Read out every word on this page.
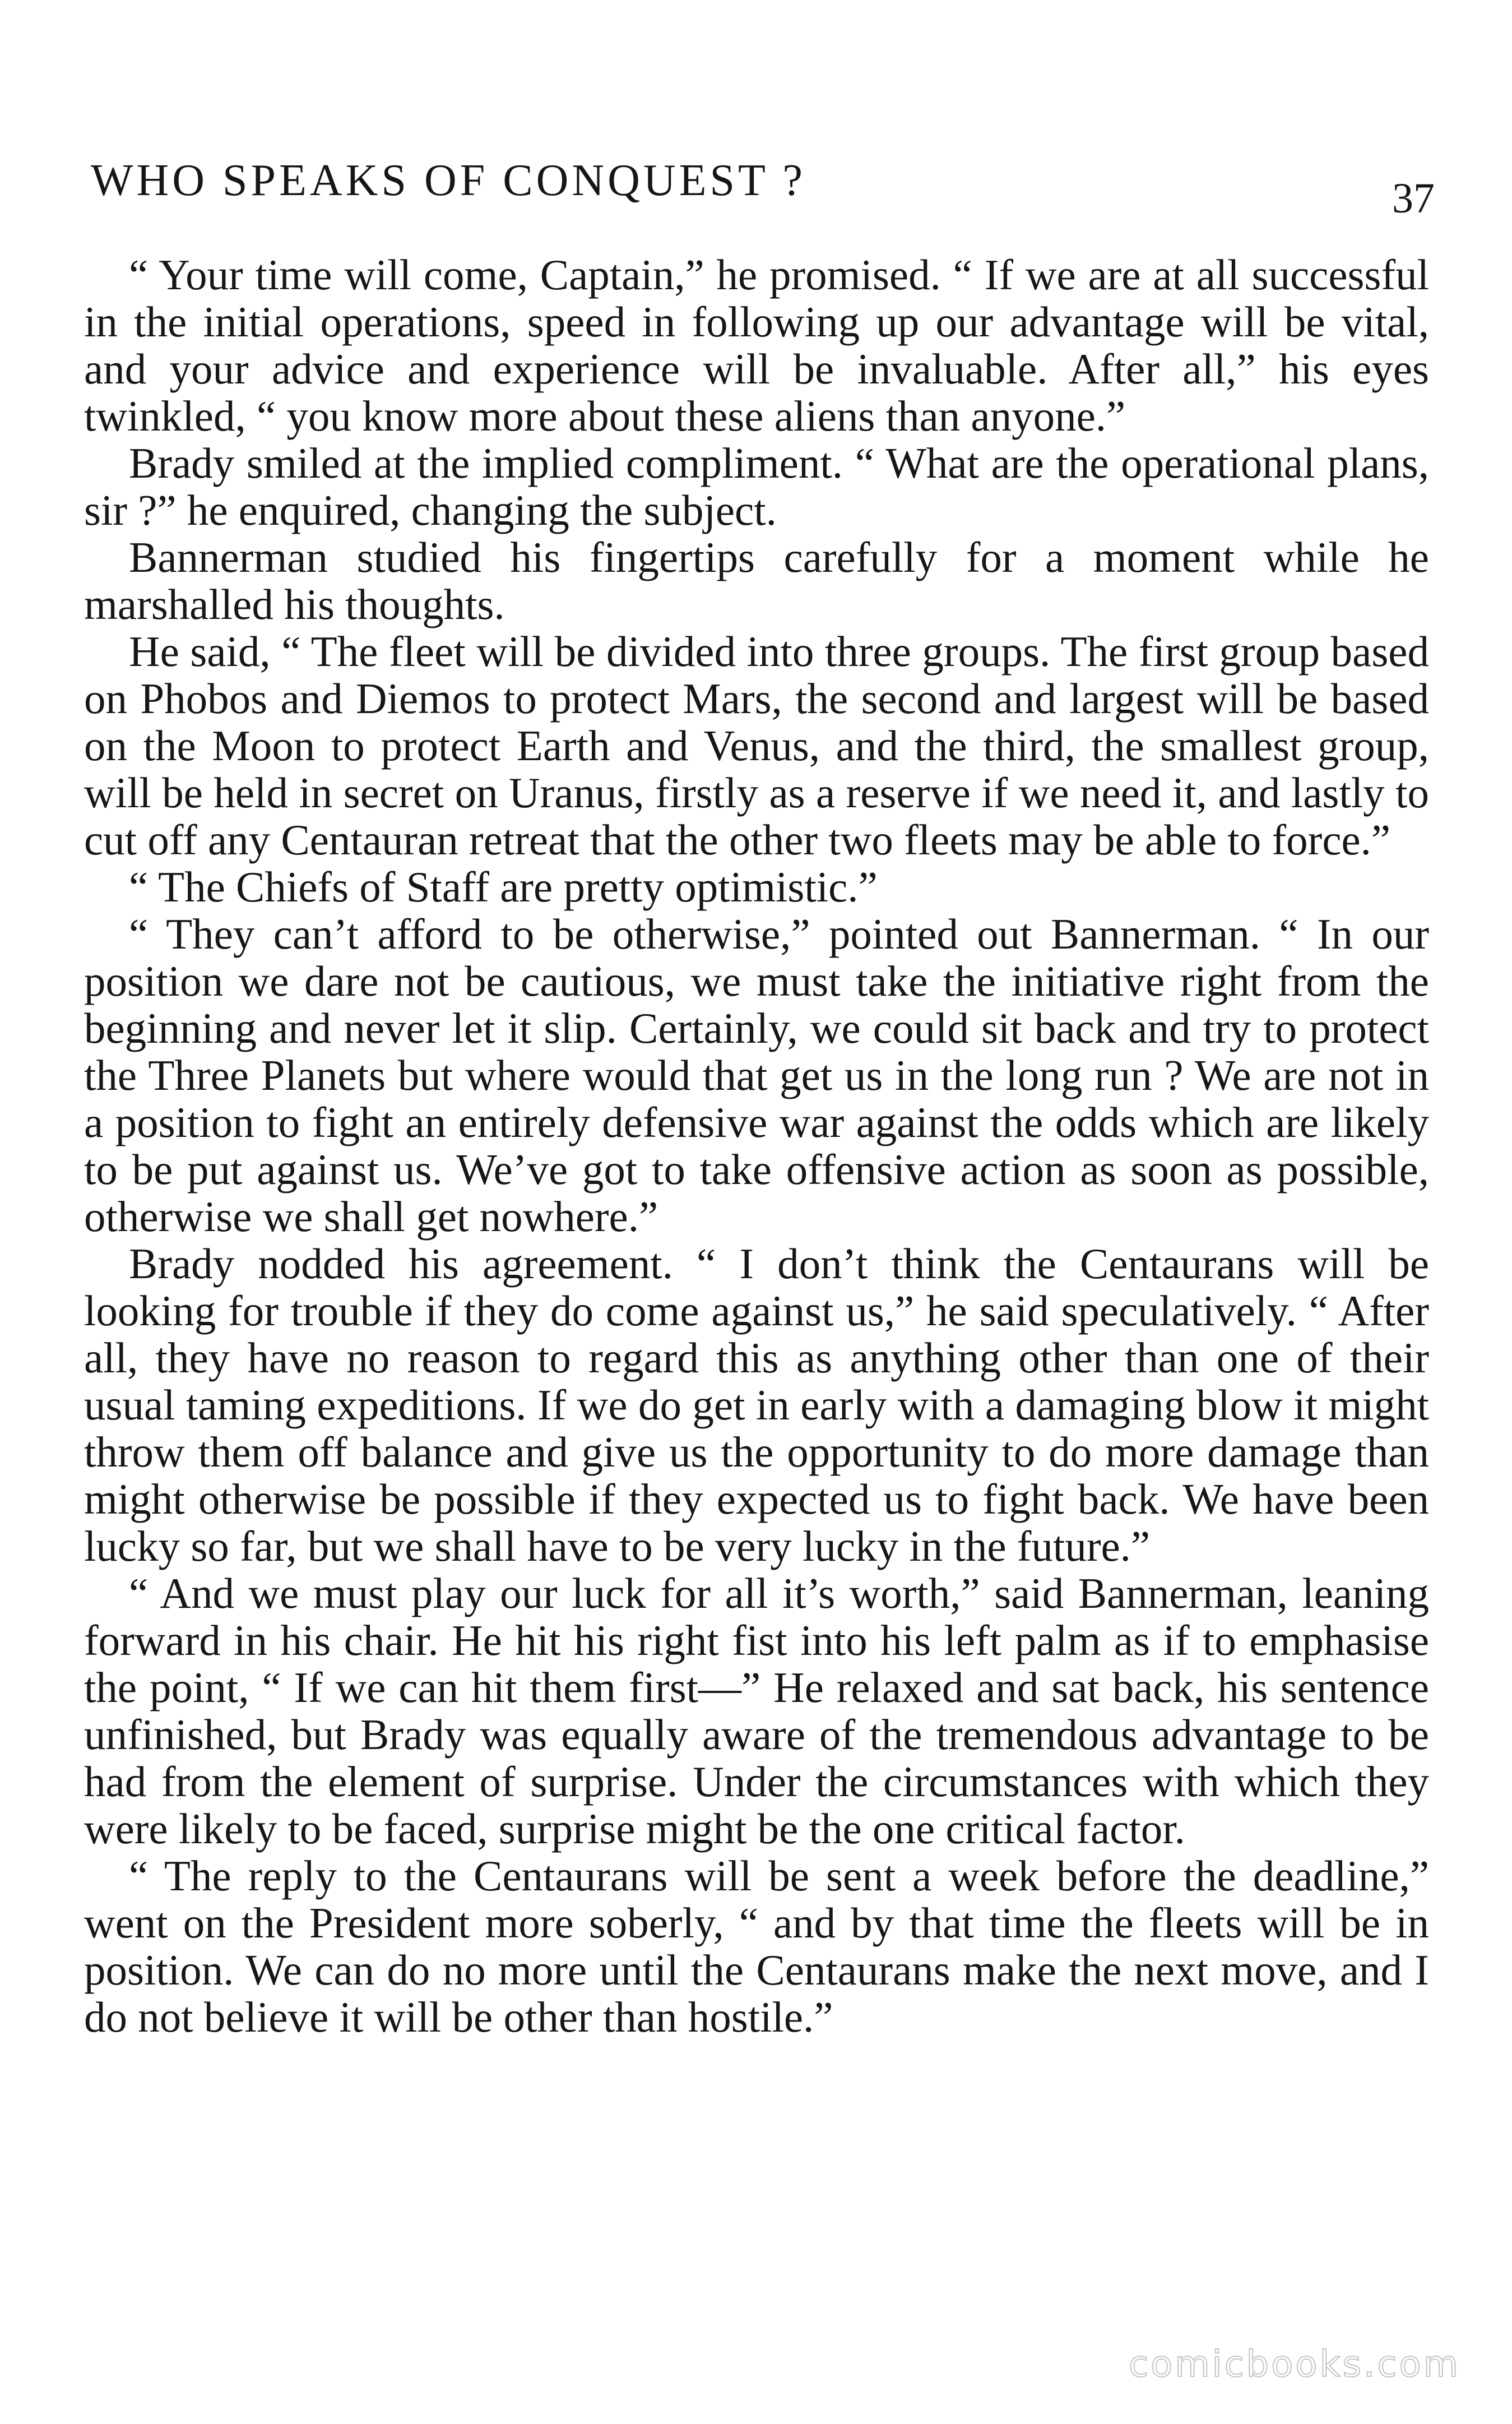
WHO SPEAKS OF CONQUEST ?	37

“ Your time will come, Captain,” he promised. “ If we are at all successful in the initial operations, speed in following up our advantage will be vital, and your advice and experience will be invaluable. After all,” his eyes twinkled, “ you know more about these aliens than anyone.”

Brady smiled at the implied compliment. “ What are the operational plans, sir ?” he enquired, changing the subject.

Bannerman studied his fingertips carefully for a moment while he marshalled his thoughts.

He said, “ The fleet will be divided into three groups. The first group based on Phobos and Diemos to protect Mars, the second and largest will be based on the Moon to protect Earth and Venus, and the third, the smallest group, will be held in secret on Uranus, firstly as a reserve if we need it, and lastly to cut off any Centauran retreat that the other two fleets may be able to force.”

“ The Chiefs of Staff are pretty optimistic.”

“ They can’t afford to be otherwise,” pointed out Bannerman. “ In our position we dare not be cautious, we must take the initiative right from the beginning and never let it slip. Certainly, we could sit back and try to protect the Three Planets but where would that get us in the long run ? We are not in a position to fight an entirely defensive war against the odds which are likely to be put against us. We’ve got to take offensive action as soon as possible, otherwise we shall get nowhere.”

Brady nodded his agreement. “ I don’t think the Centaurans will be looking for trouble if they do come against us,” he said speculatively. “ After all, they have no reason to regard this as anything other than one of their usual taming expeditions. If we do get in early with a damaging blow it might throw them off balance and give us the opportunity to do more damage than might otherwise be possible if they expected us to fight back. We have been lucky so far, but we shall have to be very lucky in the future.”

“ And we must play our luck for all it’s worth,” said Bannerman, leaning forward in his chair. He hit his right fist into his left palm as if to emphasise the point, “ If we can hit them first—” He relaxed and sat back, his sentence unfinished, but Brady was equally aware of the tremendous advantage to be had from the element of surprise. Under the circumstances with which they were likely to be faced, surprise might be the one critical factor.

“ The reply to the Centaurans will be sent a week before the deadline,” went on the President more soberly, “ and by that time the fleets will be in position. We can do no more until the Centaurans make the next move, and I do not believe it will be other than hostile.”

comicbooks.com
